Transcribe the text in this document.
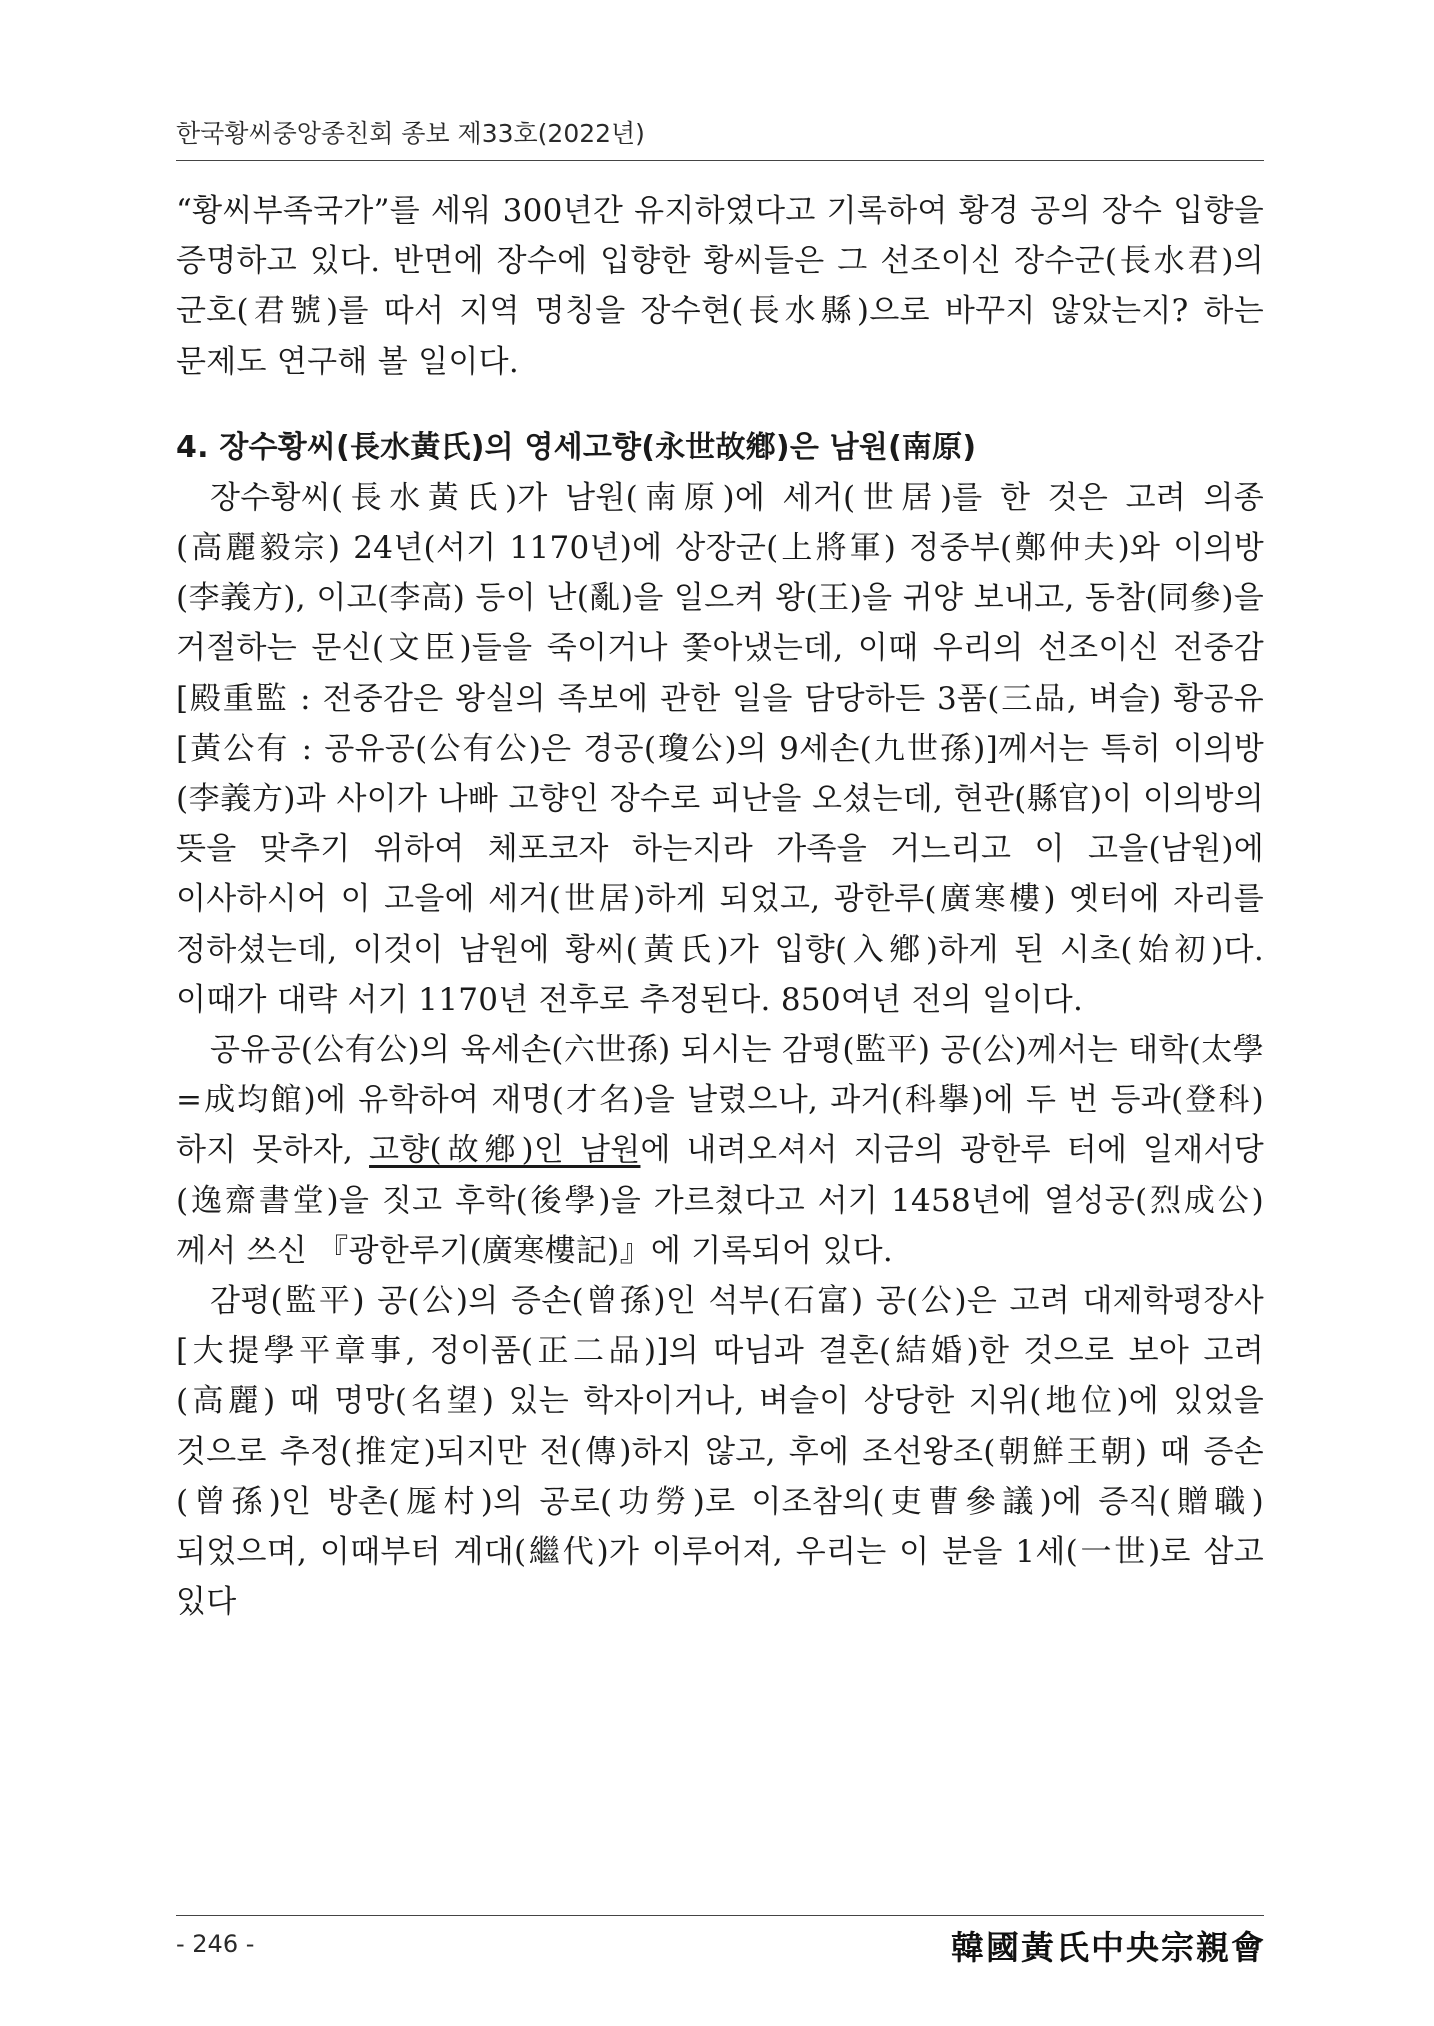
한국황씨중앙종친회 종보 제33호(2022년)

“황씨부족국가”를 세워 300년간 유지하였다고 기록하여 황경 공의 장수 입향을 증명하고 있다. 반면에 장수에 입향한 황씨들은 그 선조이신 장수군(長水君)의 군호(君號)를 따서 지역 명칭을 장수현(長水縣)으로 바꾸지 않았는지? 하는 문제도 연구해 볼 일이다.

4. 장수황씨(長水黃氏)의 영세고향(永世故鄕)은 남원(南原)

장수황씨(長水黃氏)가 남원(南原)에 세거(世居)를 한 것은 고려 의종(高麗毅宗) 24년(서기 1170년)에 상장군(上將軍) 정중부(鄭仲夫)와 이의방(李義方), 이고(李高) 등이 난(亂)을 일으켜 왕(王)을 귀양 보내고, 동참(同參)을 거절하는 문신(文臣)들을 죽이거나 쫓아냈는데, 이때 우리의 선조이신 전중감[殿重監 : 전중감은 왕실의 족보에 관한 일을 담당하든 3품(三品, 벼슬) 황공유[黃公有 : 공유공(公有公)은 경공(瓊公)의 9세손(九世孫)]께서는 특히 이의방(李義方)과 사이가 나빠 고향인 장수로 피난을 오셨는데, 현관(縣官)이 이의방의 뜻을 맞추기 위하여 체포코자 하는지라 가족을 거느리고 이 고을(남원)에 이사하시어 이 고을에 세거(世居)하게 되었고, 광한루(廣寒樓) 옛터에 자리를 정하셨는데, 이것이 남원에 황씨(黃氏)가 입향(入鄕)하게 된 시초(始初)다. 이때가 대략 서기 1170년 전후로 추정된다. 850여년 전의 일이다.

공유공(公有公)의 육세손(六世孫) 되시는 감평(監平) 공(公)께서는 태학(太學=成均館)에 유학하여 재명(才名)을 날렸으나, 과거(科擧)에 두 번 등과(登科)하지 못하자, 고향(故鄕)인 남원에 내려오셔서 지금의 광한루 터에 일재서당(逸齋書堂)을 짓고 후학(後學)을 가르쳤다고 서기 1458년에 열성공(烈成公)께서 쓰신 『광한루기(廣寒樓記)』에 기록되어 있다.

감평(監平) 공(公)의 증손(曾孫)인 석부(石富) 공(公)은 고려 대제학평장사[大提學平章事, 정이품(正二品)]의 따님과 결혼(結婚)한 것으로 보아 고려(高麗) 때 명망(名望) 있는 학자이거나, 벼슬이 상당한 지위(地位)에 있었을 것으로 추정(推定)되지만 전(傳)하지 않고, 후에 조선왕조(朝鮮王朝) 때 증손(曾孫)인 방촌(厖村)의 공로(功勞)로 이조참의(吏曹參議)에 증직(贈職)되었으며, 이때부터 계대(繼代)가 이루어져, 우리는 이 분을 1세(一世)로 삼고 있다

- 246 -	韓國黃氏中央宗親會
